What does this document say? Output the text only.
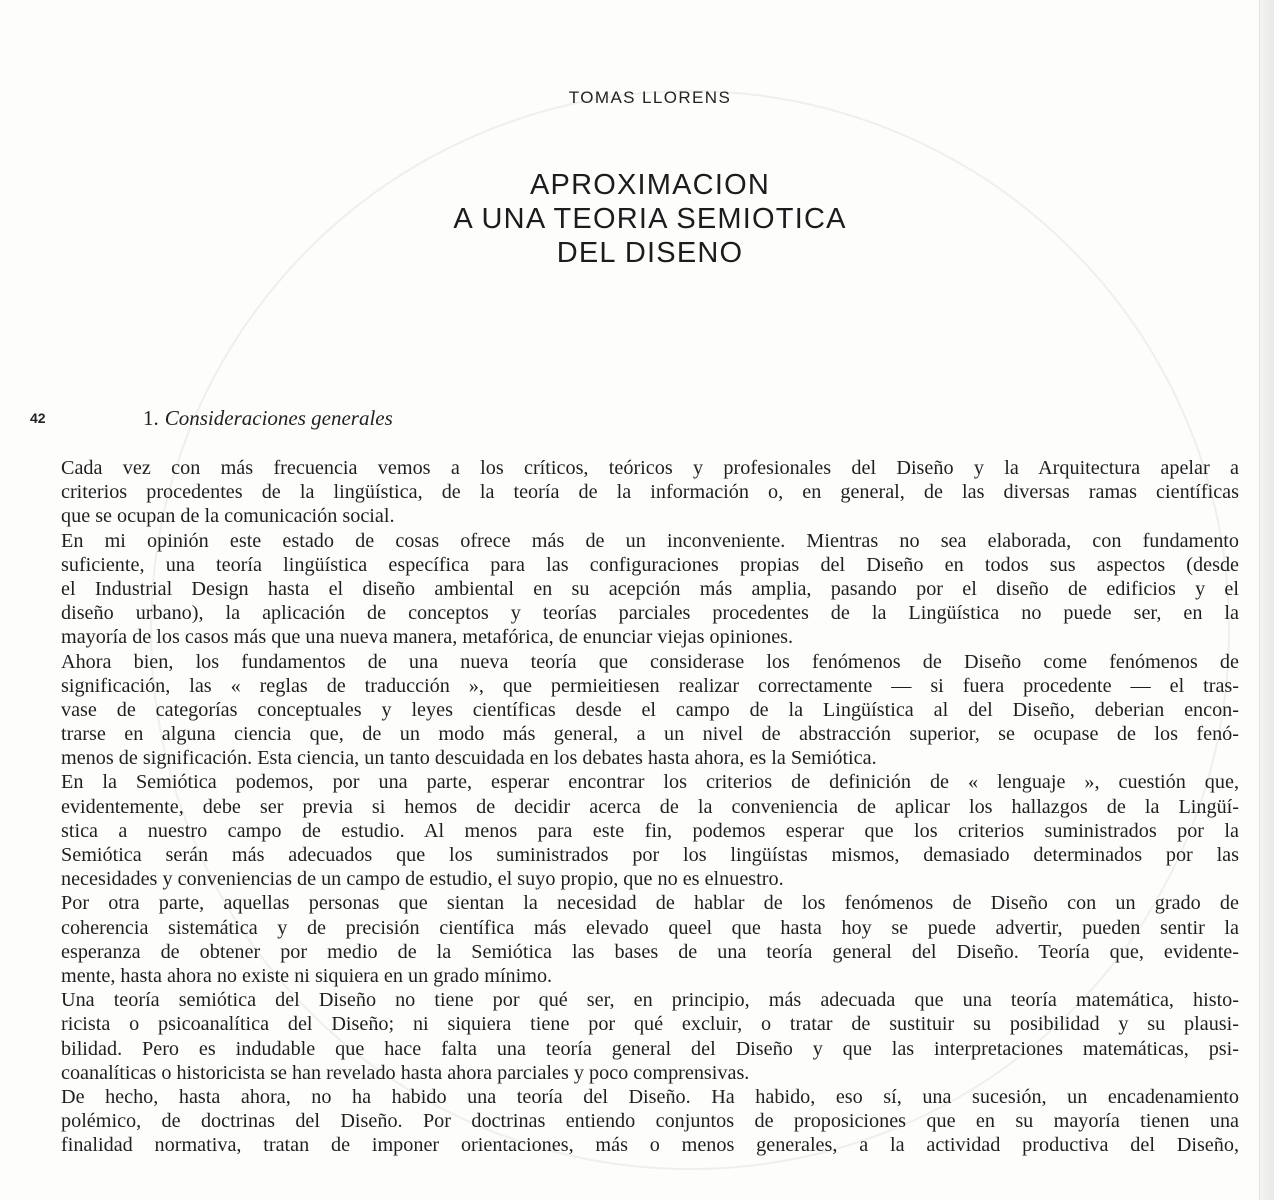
TOMAS LLORENS
APROXIMACION
A UNA TEORIA SEMIOTICA
DEL DISENO
42	1. Consideraciones generales
Cada vez con más frecuencia vemos a los críticos, teóricos y profesionales del Diseño y la Arquitectura apelar a
criterios procedentes de la lingüística, de la teoría de la información o, en general, de las diversas ramas científicas
que se ocupan de la comunicación social.
En mi opinión este estado de cosas ofrece más de un inconveniente. Mientras no sea elaborada, con fundamento
suficiente, una teoría lingüística específica para las configuraciones propias del Diseño en todos sus aspectos (desde
el Industrial Design hasta el diseño ambiental en su acepción más amplia, pasando por el diseño de edificios y el
diseño urbano), la aplicación de conceptos y teorías parciales procedentes de la Lingüística no puede ser, en la
mayoría de los casos más que una nueva manera, metafórica, de enunciar viejas opiniones.
Ahora bien, los fundamentos de una nueva teoría que considerase los fenómenos de Diseño come fenómenos de
significación, las « reglas de traducción », que permieitiesen realizar correctamente — si fuera procedente — el tras-
vase de categorías conceptuales y leyes científicas desde el campo de la Lingüística al del Diseño, deberian encon-
trarse en alguna ciencia que, de un modo más general, a un nivel de abstracción superior, se ocupase de los fenó-
menos de significación. Esta ciencia, un tanto descuidada en los debates hasta ahora, es la Semiótica.
En la Semiótica podemos, por una parte, esperar encontrar los criterios de definición de « lenguaje », cuestión que,
evidentemente, debe ser previa si hemos de decidir acerca de la conveniencia de aplicar los hallazgos de la Lingüí-
stica a nuestro campo de estudio. Al menos para este fin, podemos esperar que los criterios suministrados por la
Semiótica serán más adecuados que los suministrados por los lingüístas mismos, demasiado determinados por las
necesidades y conveniencias de un campo de estudio, el suyo propio, que no es elnuestro.
Por otra parte, aquellas personas que sientan la necesidad de hablar de los fenómenos de Diseño con un grado de
coherencia sistemática y de precisión científica más elevado queel que hasta hoy se puede advertir, pueden sentir la
esperanza de obtener por medio de la Semiótica las bases de una teoría general del Diseño. Teoría que, evidente-
mente, hasta ahora no existe ni siquiera en un grado mínimo.
Una teoría semiótica del Diseño no tiene por qué ser, en principio, más adecuada que una teoría matemática, histo-
ricista o psicoanalítica del Diseño; ni siquiera tiene por qué excluir, o tratar de sustituir su posibilidad y su plausi-
bilidad. Pero es indudable que hace falta una teoría general del Diseño y que las interpretaciones matemáticas, psi-
coanalíticas o historicista se han revelado hasta ahora parciales y poco comprensivas.
De hecho, hasta ahora, no ha habido una teoría del Diseño. Ha habido, eso sí, una sucesión, un encadenamiento
polémico, de doctrinas del Diseño. Por doctrinas entiendo conjuntos de proposiciones que en su mayoría tienen una
finalidad normativa, tratan de imponer orientaciones, más o menos generales, a la actividad productiva del Diseño,
